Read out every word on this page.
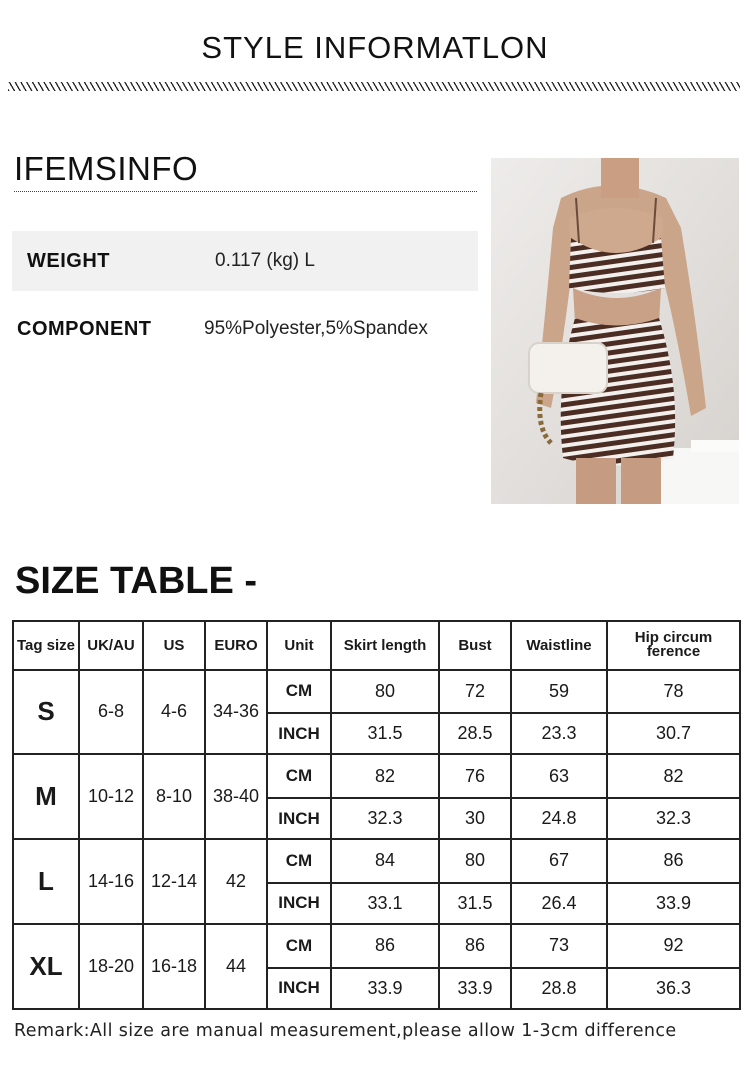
STYLE INFORMATLON
IFEMSINFO
WEIGHT	0.117 (kg) L
COMPONENT	95%Polyester,5%Spandex
SIZE TABLE -
Tag size	UK/AU	US	EURO	Unit	Skirt length	Bust	Waistline	Hip circum ference
S	6-8	4-6	34-36	CM	80	72	59	78
				INCH	31.5	28.5	23.3	30.7
M	10-12	8-10	38-40	CM	82	76	63	82
				INCH	32.3	30	24.8	32.3
L	14-16	12-14	42	CM	84	80	67	86
				INCH	33.1	31.5	26.4	33.9
XL	18-20	16-18	44	CM	86	86	73	92
				INCH	33.9	33.9	28.8	36.3
Remark:All size are manual measurement,please allow 1-3cm difference
